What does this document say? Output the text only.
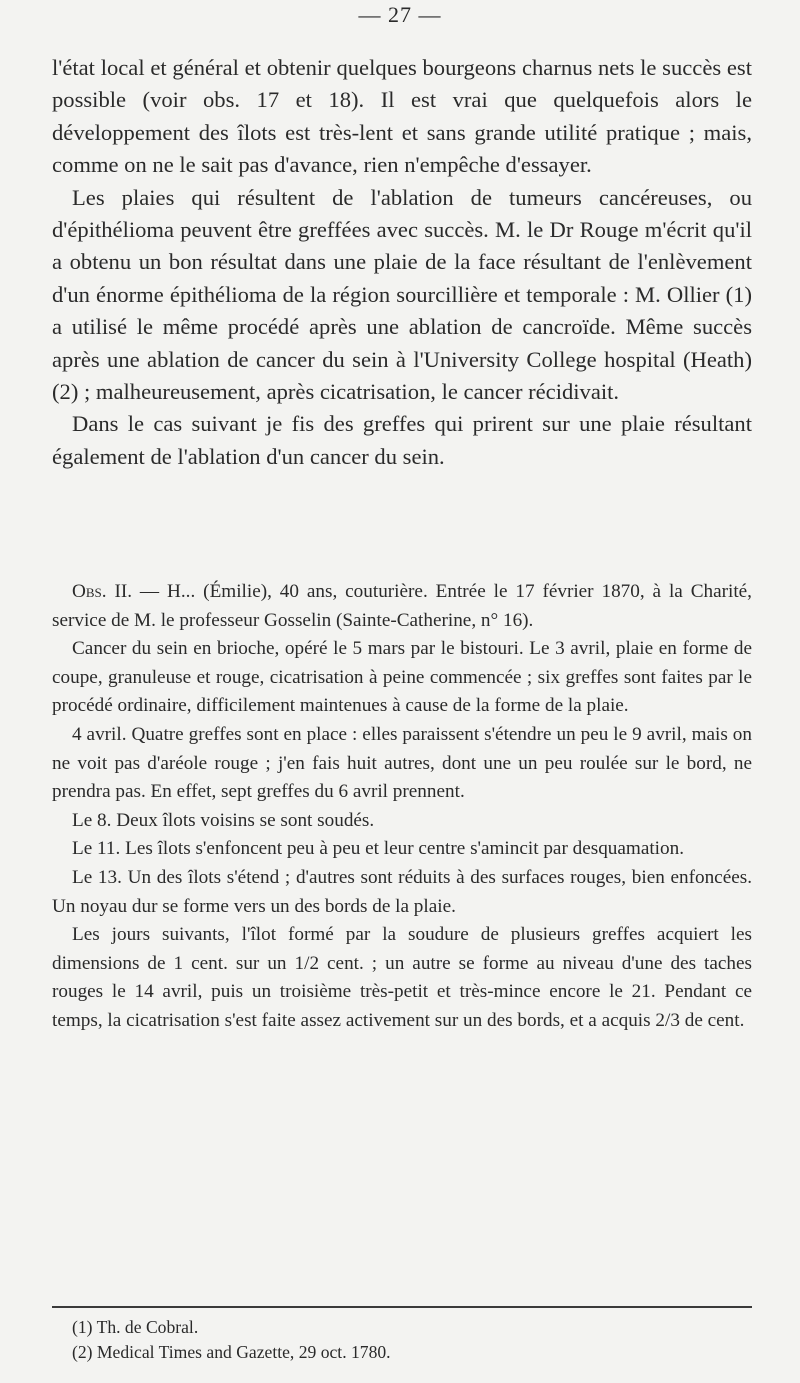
— 27 —

l'état local et général et obtenir quelques bourgeons charnus nets le succès est possible (voir obs. 17 et 18). Il est vrai que quelquefois alors le développement des îlots est très-lent et sans grande utilité pratique ; mais, comme on ne le sait pas d'avance, rien n'empêche d'essayer.

Les plaies qui résultent de l'ablation de tumeurs cancéreuses, ou d'épithélioma peuvent être greffées avec succès. M. le Dr Rouge m'écrit qu'il a obtenu un bon résultat dans une plaie de la face résultant de l'enlèvement d'un énorme épithélioma de la région sourcillière et temporale : M. Ollier (1) a utilisé le même procédé après une ablation de cancroïde. Même succès après une ablation de cancer du sein à l'University College hospital (Heath) (2) ; malheureusement, après cicatrisation, le cancer récidivait.

Dans le cas suivant je fis des greffes qui prirent sur une plaie résultant également de l'ablation d'un cancer du sein.

Obs. II. — H... (Émilie), 40 ans, couturière. Entrée le 17 février 1870, à la Charité, service de M. le professeur Gosselin (Sainte-Catherine, n° 16).

Cancer du sein en brioche, opéré le 5 mars par le bistouri. Le 3 avril, plaie en forme de coupe, granuleuse et rouge, cicatrisation à peine commencée ; six greffes sont faites par le procédé ordinaire, difficilement maintenues à cause de la forme de la plaie.

4 avril. Quatre greffes sont en place : elles paraissent s'étendre un peu le 9 avril, mais on ne voit pas d'aréole rouge ; j'en fais huit autres, dont une un peu roulée sur le bord, ne prendra pas. En effet, sept greffes du 6 avril prennent.

Le 8. Deux îlots voisins se sont soudés.

Le 11. Les îlots s'enfoncent peu à peu et leur centre s'amincit par desquamation.

Le 13. Un des îlots s'étend ; d'autres sont réduits à des surfaces rouges, bien enfoncées. Un noyau dur se forme vers un des bords de la plaie.

Les jours suivants, l'îlot formé par la soudure de plusieurs greffes acquiert les dimensions de 1 cent. sur un 1/2 cent. ; un autre se forme au niveau d'une des taches rouges le 14 avril, puis un troisième très-petit et très-mince encore le 21. Pendant ce temps, la cicatrisation s'est faite assez activement sur un des bords, et a acquis 2/3 de cent.

(1) Th. de Cobral.

(2) Medical Times and Gazette, 29 oct. 1780.
